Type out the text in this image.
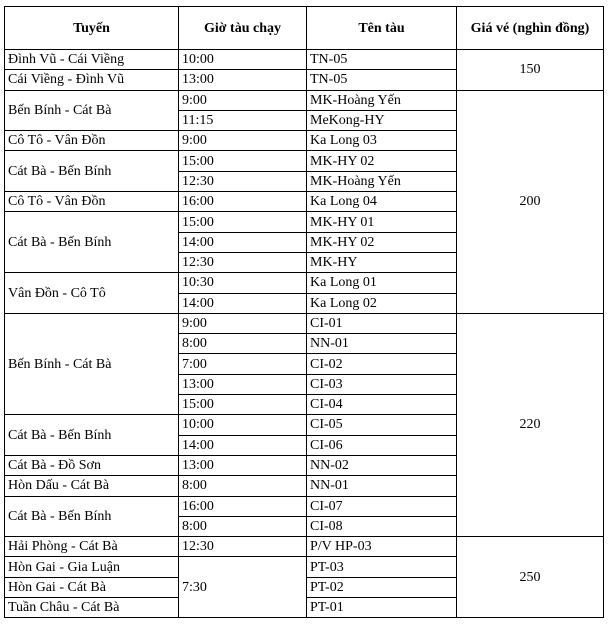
Tuyến	Giờ tàu chạy	Tên tàu	Giá vé (nghìn đồng)
Đình Vũ - Cái Viềng	10:00	TN-05	150
Cái Viềng - Đình Vũ	13:00	TN-05	
Bến Bính - Cát Bà	9:00	MK-Hoàng Yến	200
	11:15	MeKong-HY	
Cô Tô - Vân Đồn	9:00	Ka Long 03	
Cát Bà - Bến Bính	15:00	MK-HY 02	
	12:30	MK-Hoàng Yến	
Cô Tô - Vân Đồn	16:00	Ka Long 04	
Cát Bà - Bến Bính	15:00	MK-HY 01	
	14:00	MK-HY 02	
	12:30	MK-HY	
Vân Đồn - Cô Tô	10:30	Ka Long 01	
	14:00	Ka Long 02	
Bến Bính - Cát Bà	9:00	CI-01	220
	8:00	NN-01	
	7:00	CI-02	
	13:00	CI-03	
	15:00	CI-04	
Cát Bà - Bến Bính	10:00	CI-05	
	14:00	CI-06	
Cát Bà - Đồ Sơn	13:00	NN-02	
Hòn Dấu - Cát Bà	8:00	NN-01	
Cát Bà - Bến Bính	16:00	CI-07	
	8:00	CI-08	
Hải Phòng - Cát Bà	12:30	P/V HP-03	250
Hòn Gai - Gia Luận	7:30	PT-03	
Hòn Gai - Cát Bà		PT-02	
Tuần Châu - Cát Bà		PT-01	
